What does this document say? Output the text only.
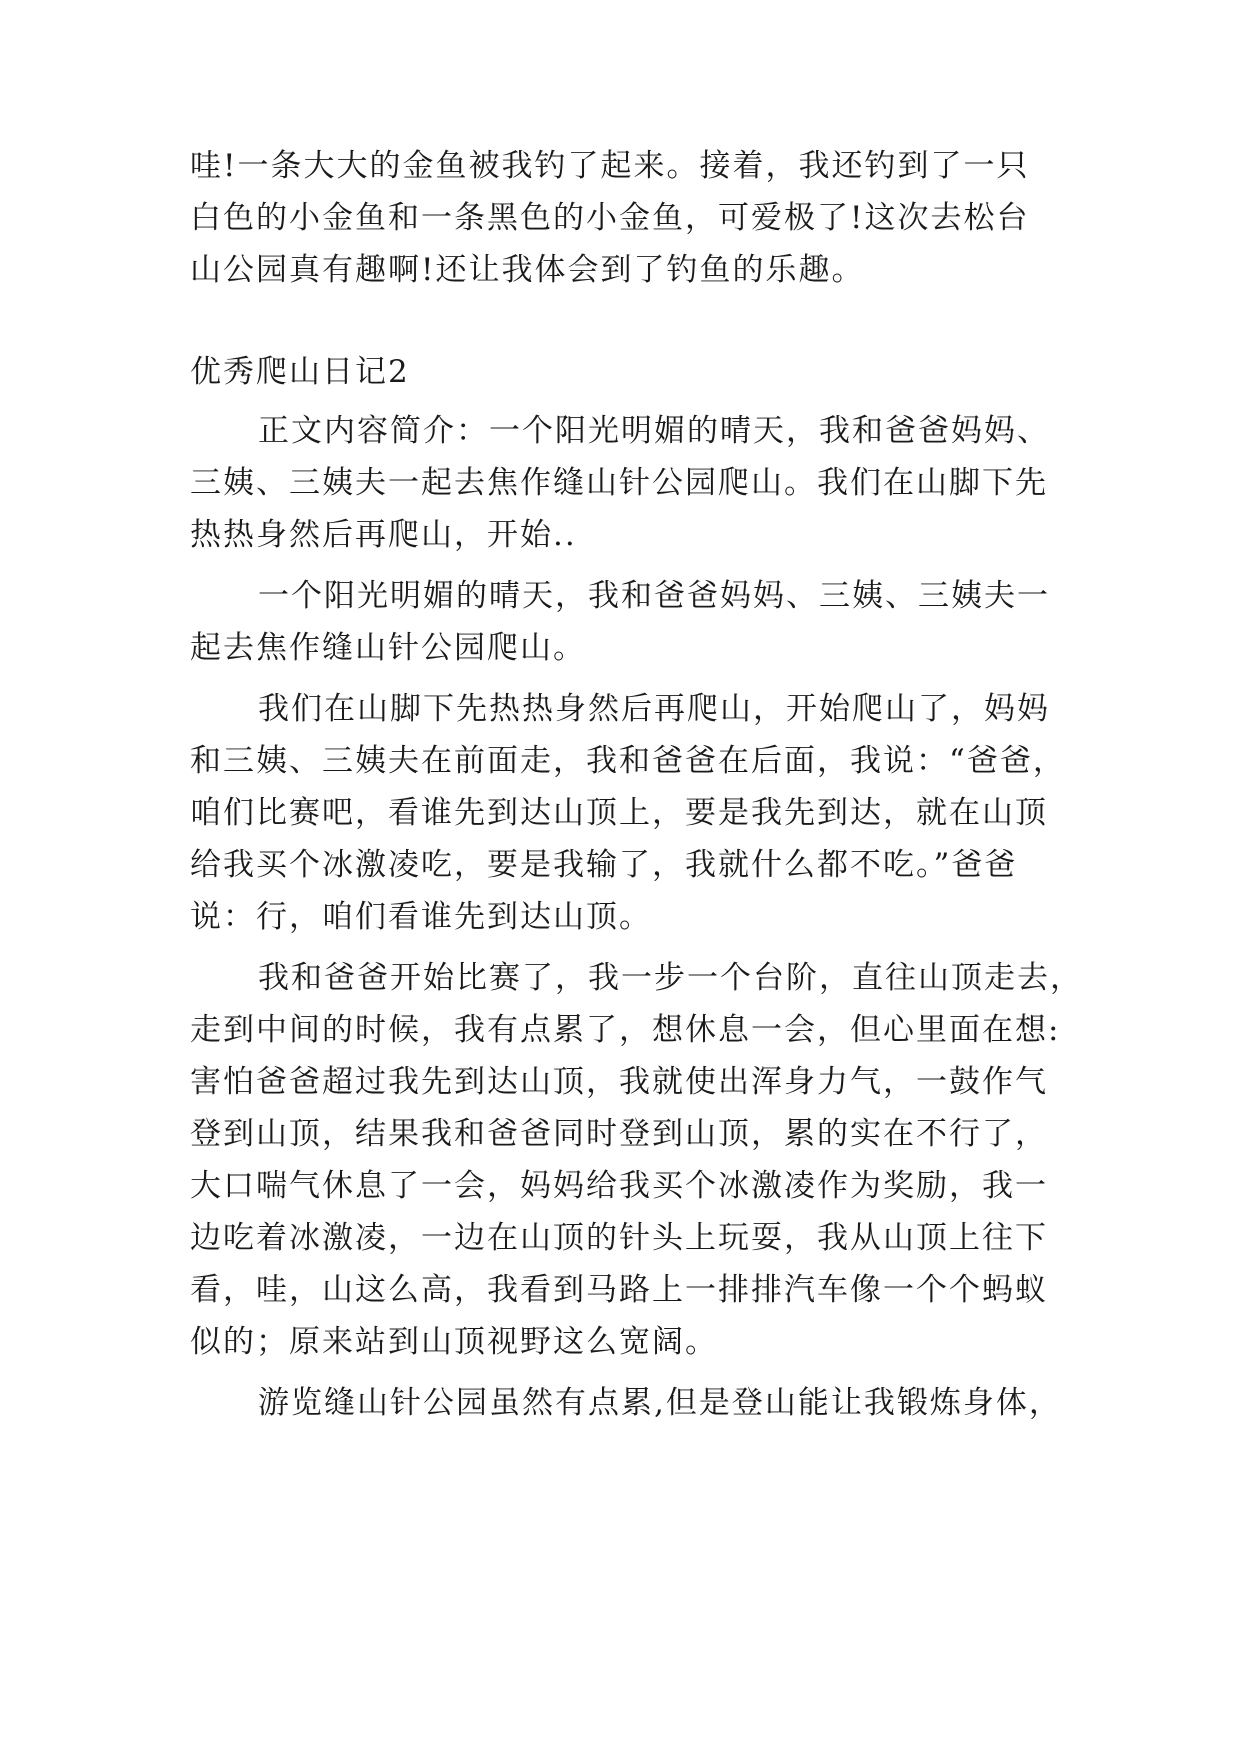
哇!一条大大的金鱼被我钓了起来。接着，我还钓到了一只
白色的小金鱼和一条黑色的小金鱼，可爱极了!这次去松台
山公园真有趣啊!还让我体会到了钓鱼的乐趣。
优秀爬山日记2
正文内容简介：一个阳光明媚的晴天，我和爸爸妈妈、
三姨、三姨夫一起去焦作缝山针公园爬山。我们在山脚下先
热热身然后再爬山，开始..
一个阳光明媚的晴天，我和爸爸妈妈、三姨、三姨夫一
起去焦作缝山针公园爬山。
我们在山脚下先热热身然后再爬山，开始爬山了，妈妈
和三姨、三姨夫在前面走，我和爸爸在后面，我说：“爸爸，
咱们比赛吧，看谁先到达山顶上，要是我先到达，就在山顶
给我买个冰激凌吃，要是我输了，我就什么都不吃。”爸爸
说：行，咱们看谁先到达山顶。
我和爸爸开始比赛了，我一步一个台阶，直往山顶走去，
走到中间的时候，我有点累了，想休息一会，但心里面在想:
害怕爸爸超过我先到达山顶，我就使出浑身力气，一鼓作气
登到山顶，结果我和爸爸同时登到山顶，累的实在不行了，
大口喘气休息了一会，妈妈给我买个冰激凌作为奖励，我一
边吃着冰激凌，一边在山顶的针头上玩耍，我从山顶上往下
看，哇，山这么高，我看到马路上一排排汽车像一个个蚂蚁
似的；原来站到山顶视野这么宽阔。
游览缝山针公园虽然有点累,但是登山能让我锻炼身体，
